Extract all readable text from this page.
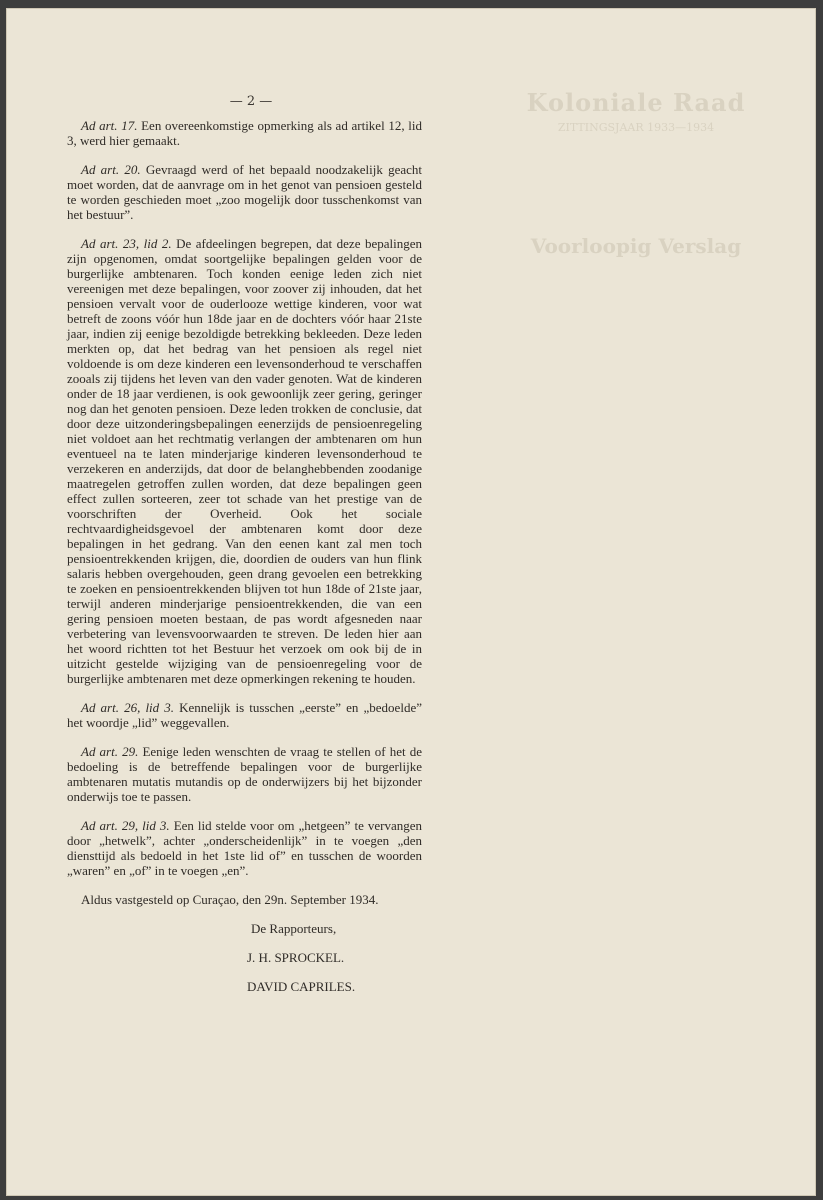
Koloniale Raad
ZITTINGSJAAR 1933—1934
Voorloopig Verslag
— 2 —

Ad art. 17. Een overeenkomstige opmerking als ad artikel 12, lid 3, werd hier gemaakt.

Ad art. 20. Gevraagd werd of het bepaald noodzakelijk geacht moet worden, dat de aanvrage om in het genot van pensioen gesteld te worden geschieden moet „zoo mogelijk door tusschenkomst van het bestuur”.

Ad art. 23, lid 2. De afdeelingen begrepen, dat deze bepalingen zijn opgenomen, omdat soortgelijke bepalingen gelden voor de burgerlijke ambtenaren. Toch konden eenige leden zich niet vereenigen met deze bepalingen, voor zoover zij inhouden, dat het pensioen vervalt voor de ouderlooze wettige kinderen, voor wat betreft de zoons vóór hun 18de jaar en de dochters vóór haar 21ste jaar, indien zij eenige bezoldigde betrekking bekleeden. Deze leden merkten op, dat het bedrag van het pensioen als regel niet voldoende is om deze kinderen een levensonderhoud te verschaffen zooals zij tijdens het leven van den vader genoten. Wat de kinderen onder de 18 jaar verdienen, is ook gewoonlijk zeer gering, geringer nog dan het genoten pensioen. Deze leden trokken de conclusie, dat door deze uitzonderingsbepalingen eenerzijds de pensioenregeling niet voldoet aan het rechtmatig verlangen der ambtenaren om hun eventueel na te laten minderjarige kinderen levensonderhoud te verzekeren en anderzijds, dat door de belanghebbenden zoodanige maatregelen getroffen zullen worden, dat deze bepalingen geen effect zullen sorteeren, zeer tot schade van het prestige van de voorschriften der Overheid. Ook het sociale rechtvaardigheidsgevoel der ambtenaren komt door deze bepalingen in het gedrang. Van den eenen kant zal men toch pensioentrekkenden krijgen, die, doordien de ouders van hun flink salaris hebben overgehouden, geen drang gevoelen een betrekking te zoeken en pensioentrekkenden blijven tot hun 18de of 21ste jaar, terwijl anderen minderjarige pensioentrekkenden, die van een gering pensioen moeten bestaan, de pas wordt afgesneden naar verbetering van levensvoorwaarden te streven. De leden hier aan het woord richtten tot het Bestuur het verzoek om ook bij de in uitzicht gestelde wijziging van de pensioenregeling voor de burgerlijke ambtenaren met deze opmerkingen rekening te houden.

Ad art. 26, lid 3. Kennelijk is tusschen „eerste” en „bedoelde” het woordje „lid” weggevallen.

Ad art. 29. Eenige leden wenschten de vraag te stellen of het de bedoeling is de betreffende bepalingen voor de burgerlijke ambtenaren mutatis mutandis op de onderwijzers bij het bijzonder onderwijs toe te passen.

Ad art. 29, lid 3. Een lid stelde voor om „hetgeen” te vervangen door „hetwelk”, achter „onderscheidenlijk” in te voegen „den diensttijd als bedoeld in het 1ste lid of” en tusschen de woorden „waren” en „of” in te voegen „en”.

Aldus vastgesteld op Curaçao, den 29n. September 1934.

De Rapporteurs,

J. H. SPROCKEL.

DAVID CAPRILES.
